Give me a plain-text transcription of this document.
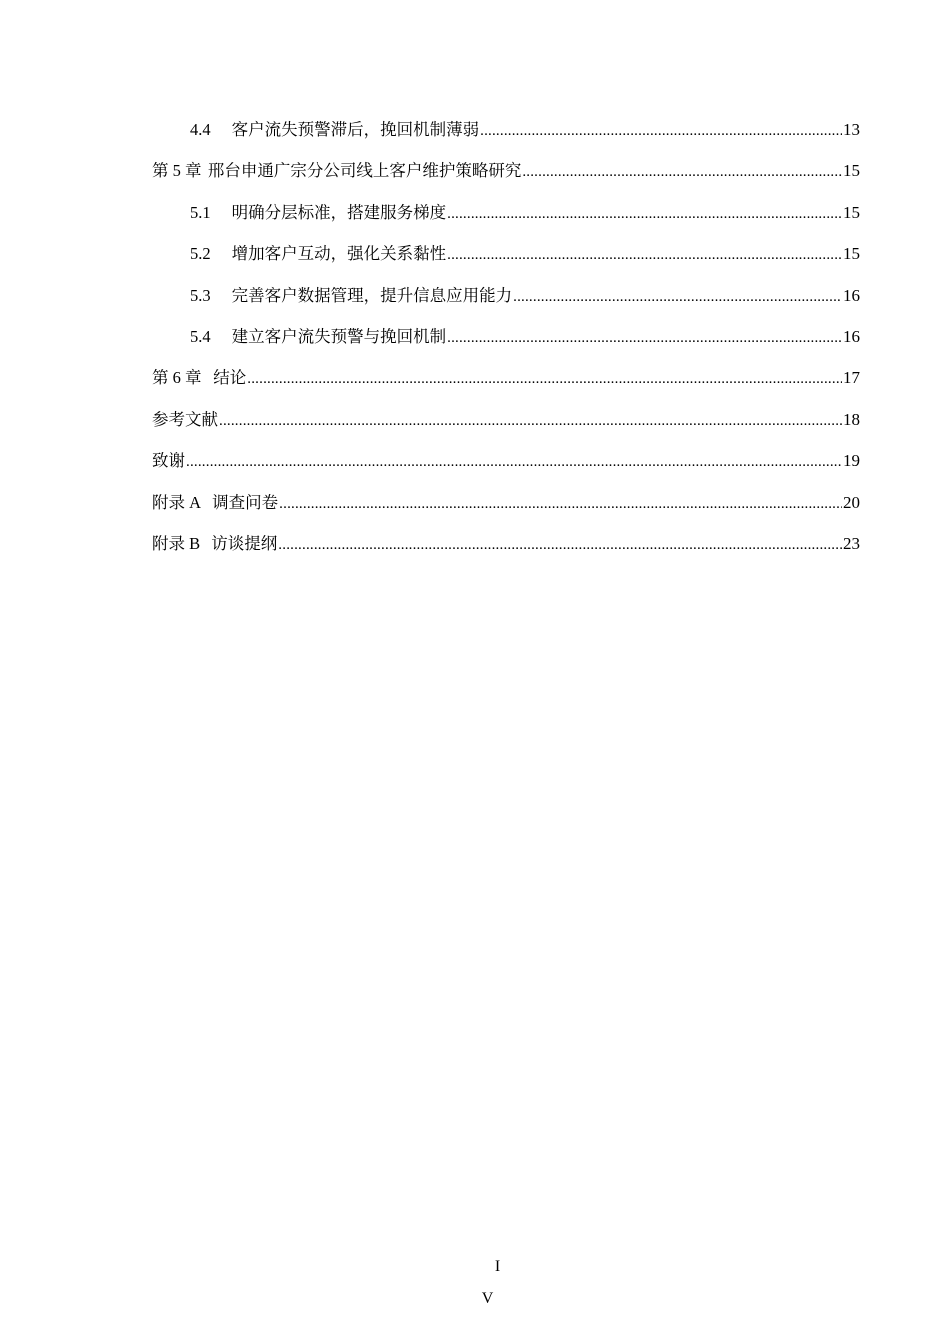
4.4 客户流失预警滞后，挽回机制薄弱 .....	13
第 5 章 邢台申通广宗分公司线上客户维护策略研究 .....	15
5.1 明确分层标准，搭建服务梯度 .....	15
5.2 增加客户互动，强化关系黏性 .....	15
5.3 完善客户数据管理，提升信息应用能力 .....	16
5.4 建立客户流失预警与挽回机制 .....	16
第 6 章 结论 .....	17
参考文献 .....	18
致谢 .....	19
附录 A 调查问卷 .....	20
附录 B 访谈提纲 .....	23
I
V
